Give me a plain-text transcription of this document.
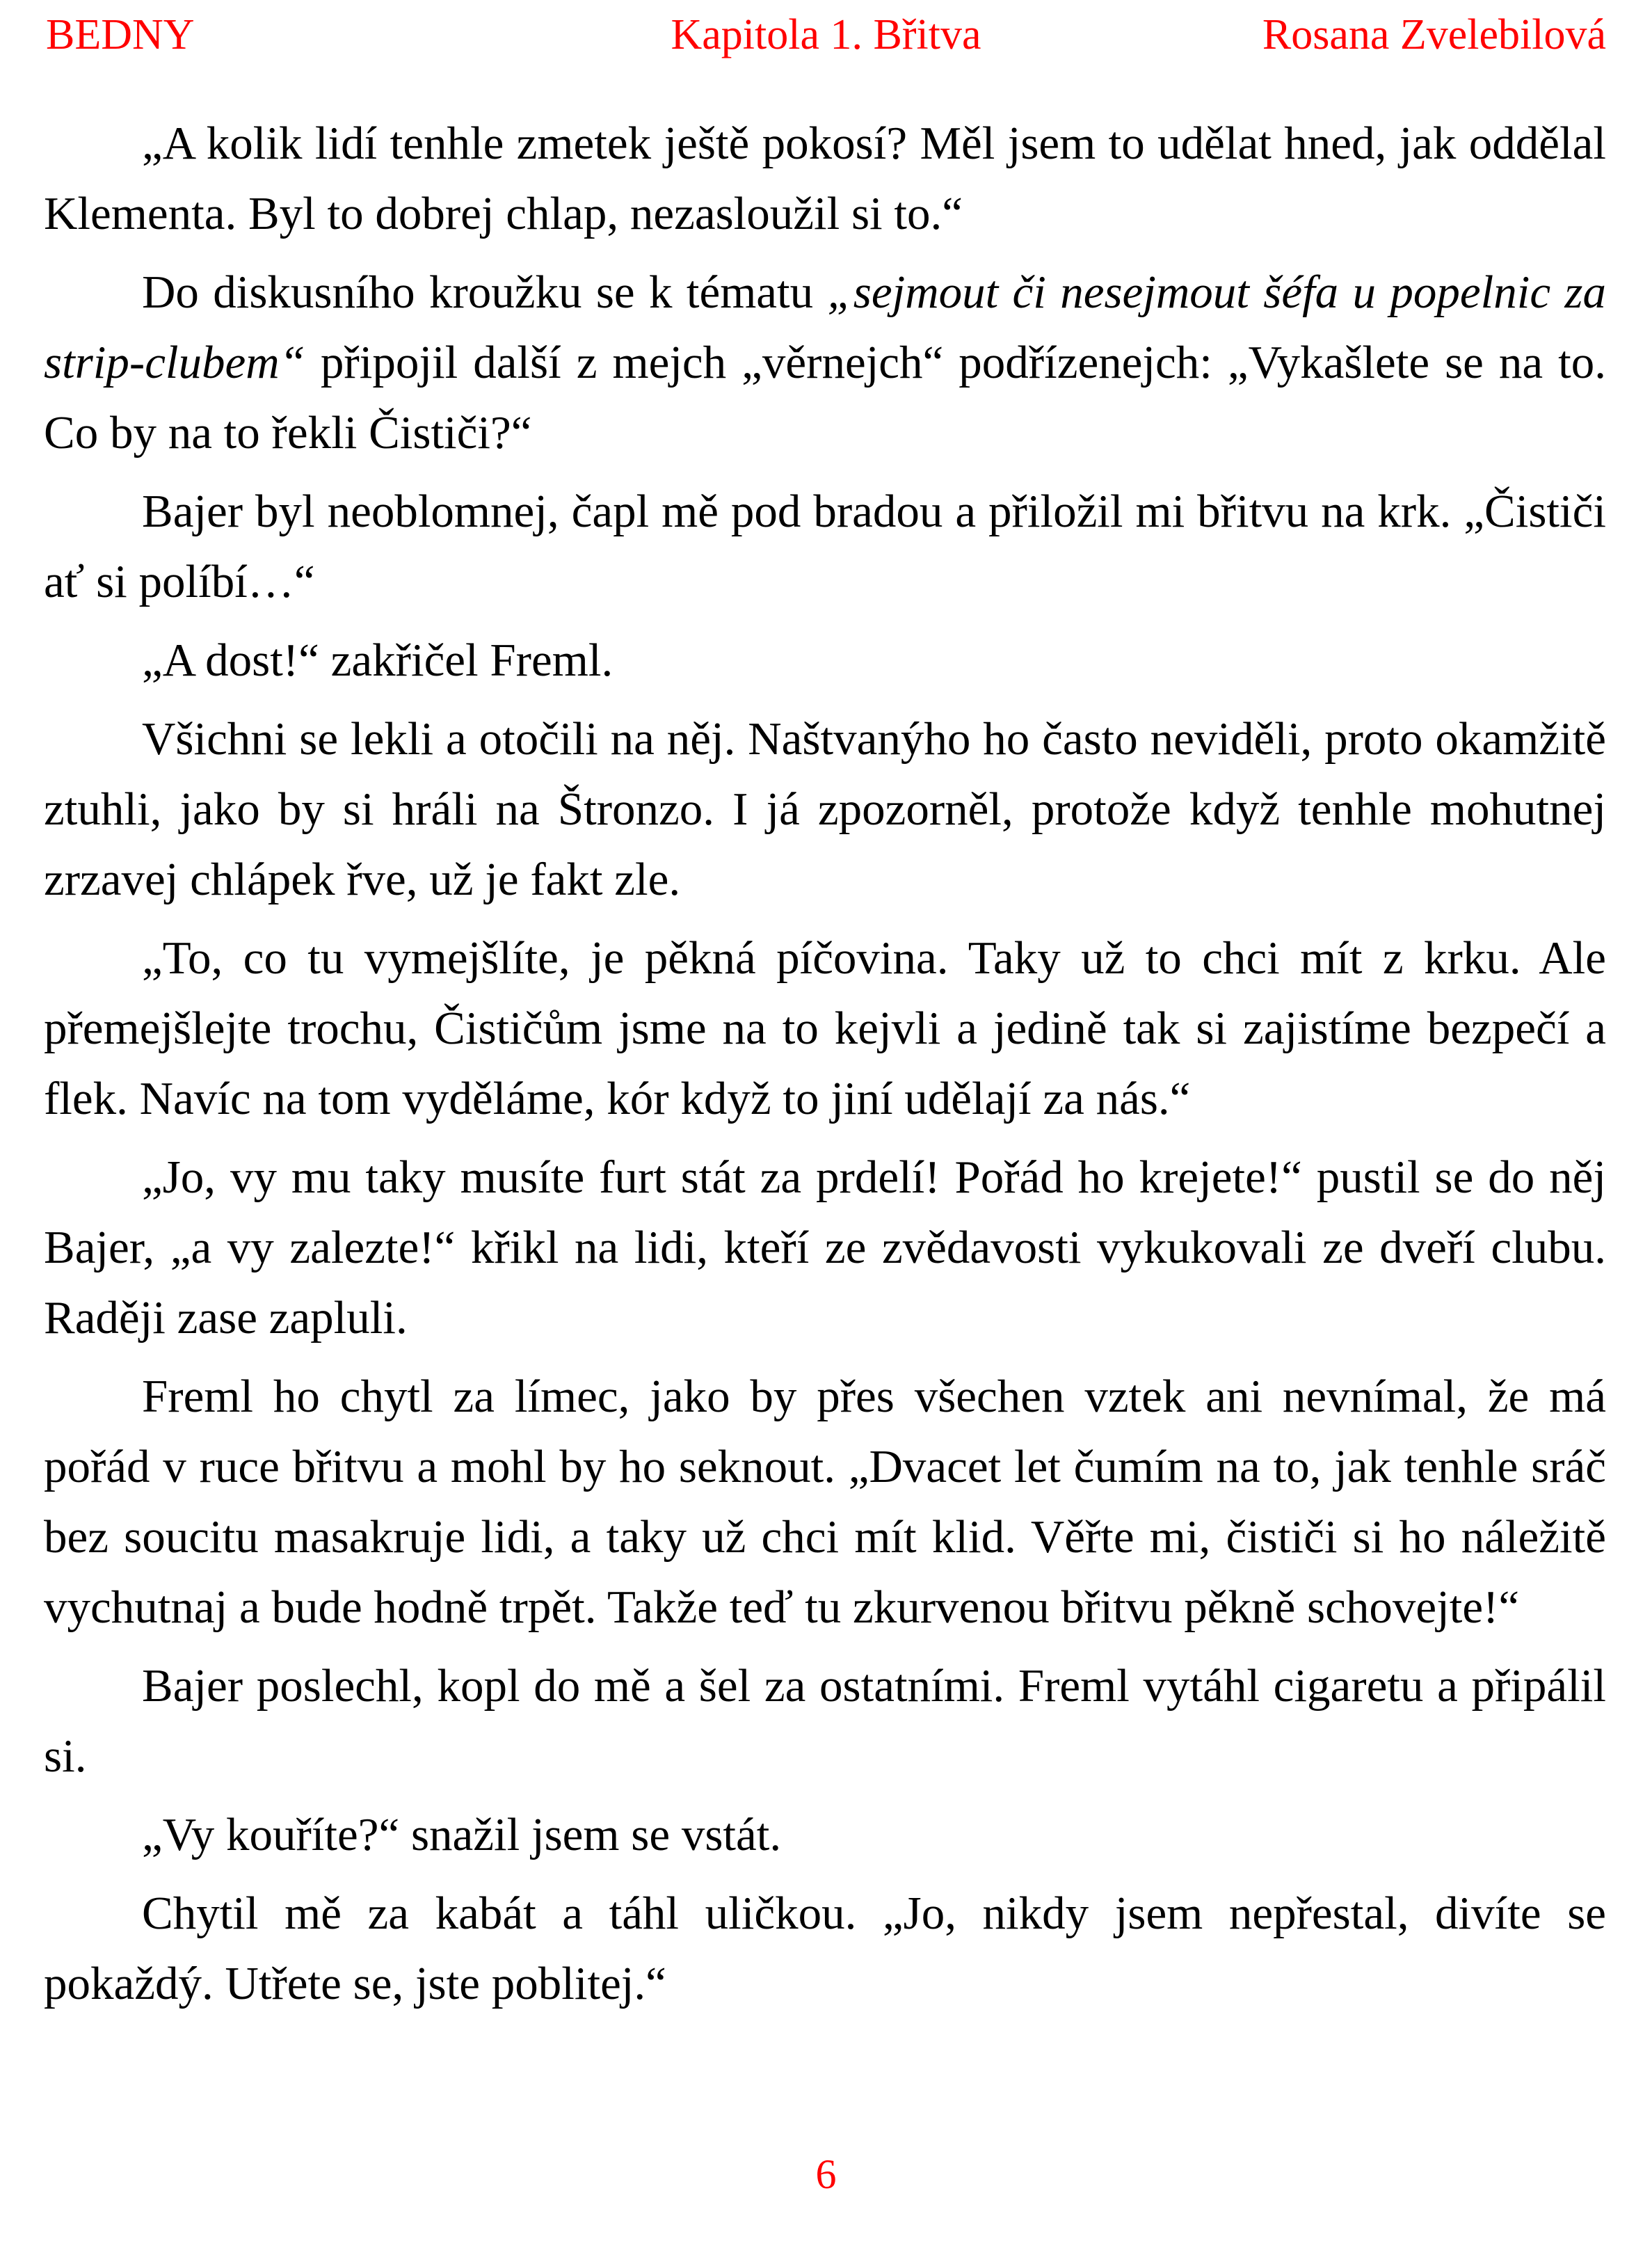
BEDNY	Kapitola 1. Břitva	Rosana Zvelebilová

„A kolik lidí tenhle zmetek ještě pokosí? Měl jsem to udělat hned, jak oddělal Klementa. Byl to dobrej chlap, nezasloužil si to.“

Do diskusního kroužku se k tématu „sejmout či nesejmout šéfa u popelnic za strip-clubem“ připojil další z mejch „věrnejch“ podřízenejch: „Vykašlete se na to. Co by na to řekli Čističi?“

Bajer byl neoblomnej, čapl mě pod bradou a přiložil mi břitvu na krk. „Čističi ať si políbí…“

„A dost!“ zakřičel Freml.

Všichni se lekli a otočili na něj. Naštvanýho ho často neviděli, proto okamžitě ztuhli, jako by si hráli na Štronzo. I já zpozorněl, protože když tenhle mohutnej zrzavej chlápek řve, už je fakt zle.

„To, co tu vymejšlíte, je pěkná píčovina. Taky už to chci mít z krku. Ale přemejšlejte trochu, Čističům jsme na to kejvli a jedině tak si zajistíme bezpečí a flek. Navíc na tom vyděláme, kór když to jiní udělají za nás.“

„Jo, vy mu taky musíte furt stát za prdelí! Pořád ho krejete!“ pustil se do něj Bajer, „a vy zalezte!“ křikl na lidi, kteří ze zvědavosti vykukovali ze dveří clubu. Raději zase zapluli.

Freml ho chytl za límec, jako by přes všechen vztek ani nevnímal, že má pořád v ruce břitvu a mohl by ho seknout. „Dvacet let čumím na to, jak tenhle sráč bez soucitu masakruje lidi, a taky už chci mít klid. Věřte mi, čističi si ho náležitě vychutnaj a bude hodně trpět. Takže teď tu zkurvenou břitvu pěkně schovejte!“

Bajer poslechl, kopl do mě a šel za ostatními. Freml vytáhl cigaretu a připálil si.

„Vy kouříte?“ snažil jsem se vstát.

Chytil mě za kabát a táhl uličkou. „Jo, nikdy jsem nepřestal, divíte se pokaždý. Utřete se, jste poblitej.“

6
